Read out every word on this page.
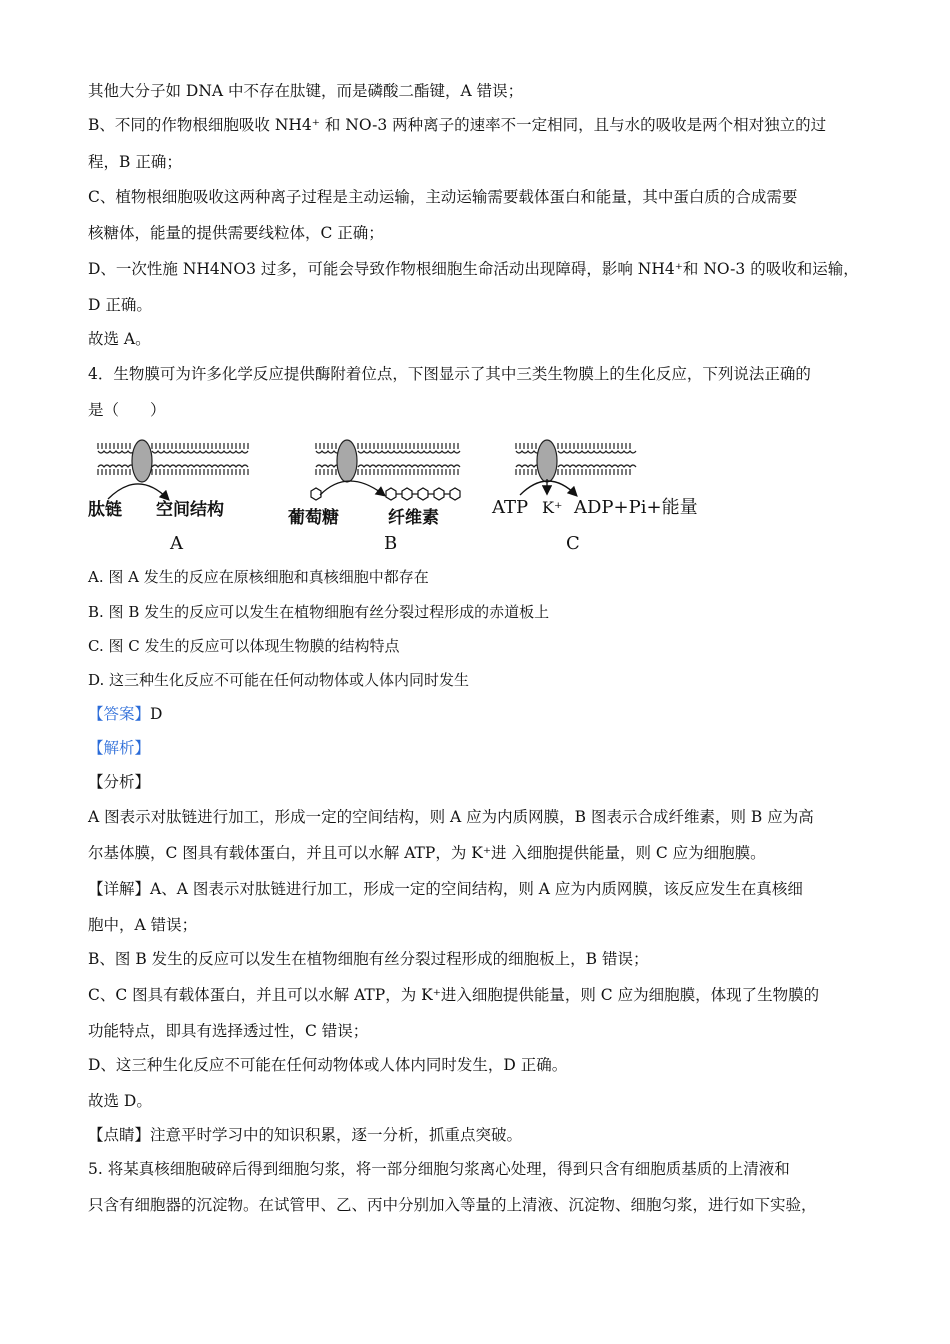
其他大分子如 DNA 中不存在肽键，而是磷酸二酯键，A 错误；
B、不同的作物根细胞吸收 NH4⁺ 和 NO-3 两种离子的速率不一定相同，且与水的吸收是两个相对独立的过
程，B 正确；
C、植物根细胞吸收这两种离子过程是主动运输，主动运输需要载体蛋白和能量，其中蛋白质的合成需要
核糖体，能量的提供需要线粒体，C 正确；
D、一次性施 NH4NO3 过多，可能会导致作物根细胞生命活动出现障碍，影响 NH4⁺和 NO-3 的吸收和运输，
D 正确。
故选 A。
4．生物膜可为许多化学反应提供酶附着位点，下图显示了其中三类生物膜上的生化反应，下列说法正确的
是（　　）
肽链 空间结构
A
葡萄糖	纤维素
B
ATP K⁺ ADP+Pi+能量
C
A. 图 A 发生的反应在原核细胞和真核细胞中都存在
B. 图 B 发生的反应可以发生在植物细胞有丝分裂过程形成的赤道板上
C. 图 C 发生的反应可以体现生物膜的结构特点
D. 这三种生化反应不可能在任何动物体或人体内同时发生
【答案】D
【解析】
【分析】
A 图表示对肽链进行加工，形成一定的空间结构，则 A 应为内质网膜，B 图表示合成纤维素，则 B 应为高
尔基体膜，C 图具有载体蛋白，并且可以水解 ATP，为 K⁺进 入细胞提供能量，则 C 应为细胞膜。
【详解】A、A 图表示对肽链进行加工，形成一定的空间结构，则 A 应为内质网膜，该反应发生在真核细
胞中，A 错误；
B、图 B 发生的反应可以发生在植物细胞有丝分裂过程形成的细胞板上，B 错误；
C、C 图具有载体蛋白，并且可以水解 ATP，为 K⁺进入细胞提供能量，则 C 应为细胞膜，体现了生物膜的
功能特点，即具有选择透过性，C 错误；
D、这三种生化反应不可能在任何动物体或人体内同时发生，D 正确。
故选 D。
【点睛】注意平时学习中的知识积累，逐一分析，抓重点突破。
5. 将某真核细胞破碎后得到细胞匀浆，将一部分细胞匀浆离心处理，得到只含有细胞质基质的上清液和
只含有细胞器的沉淀物。在试管甲、乙、丙中分别加入等量的上清液、沉淀物、细胞匀浆，进行如下实验，
